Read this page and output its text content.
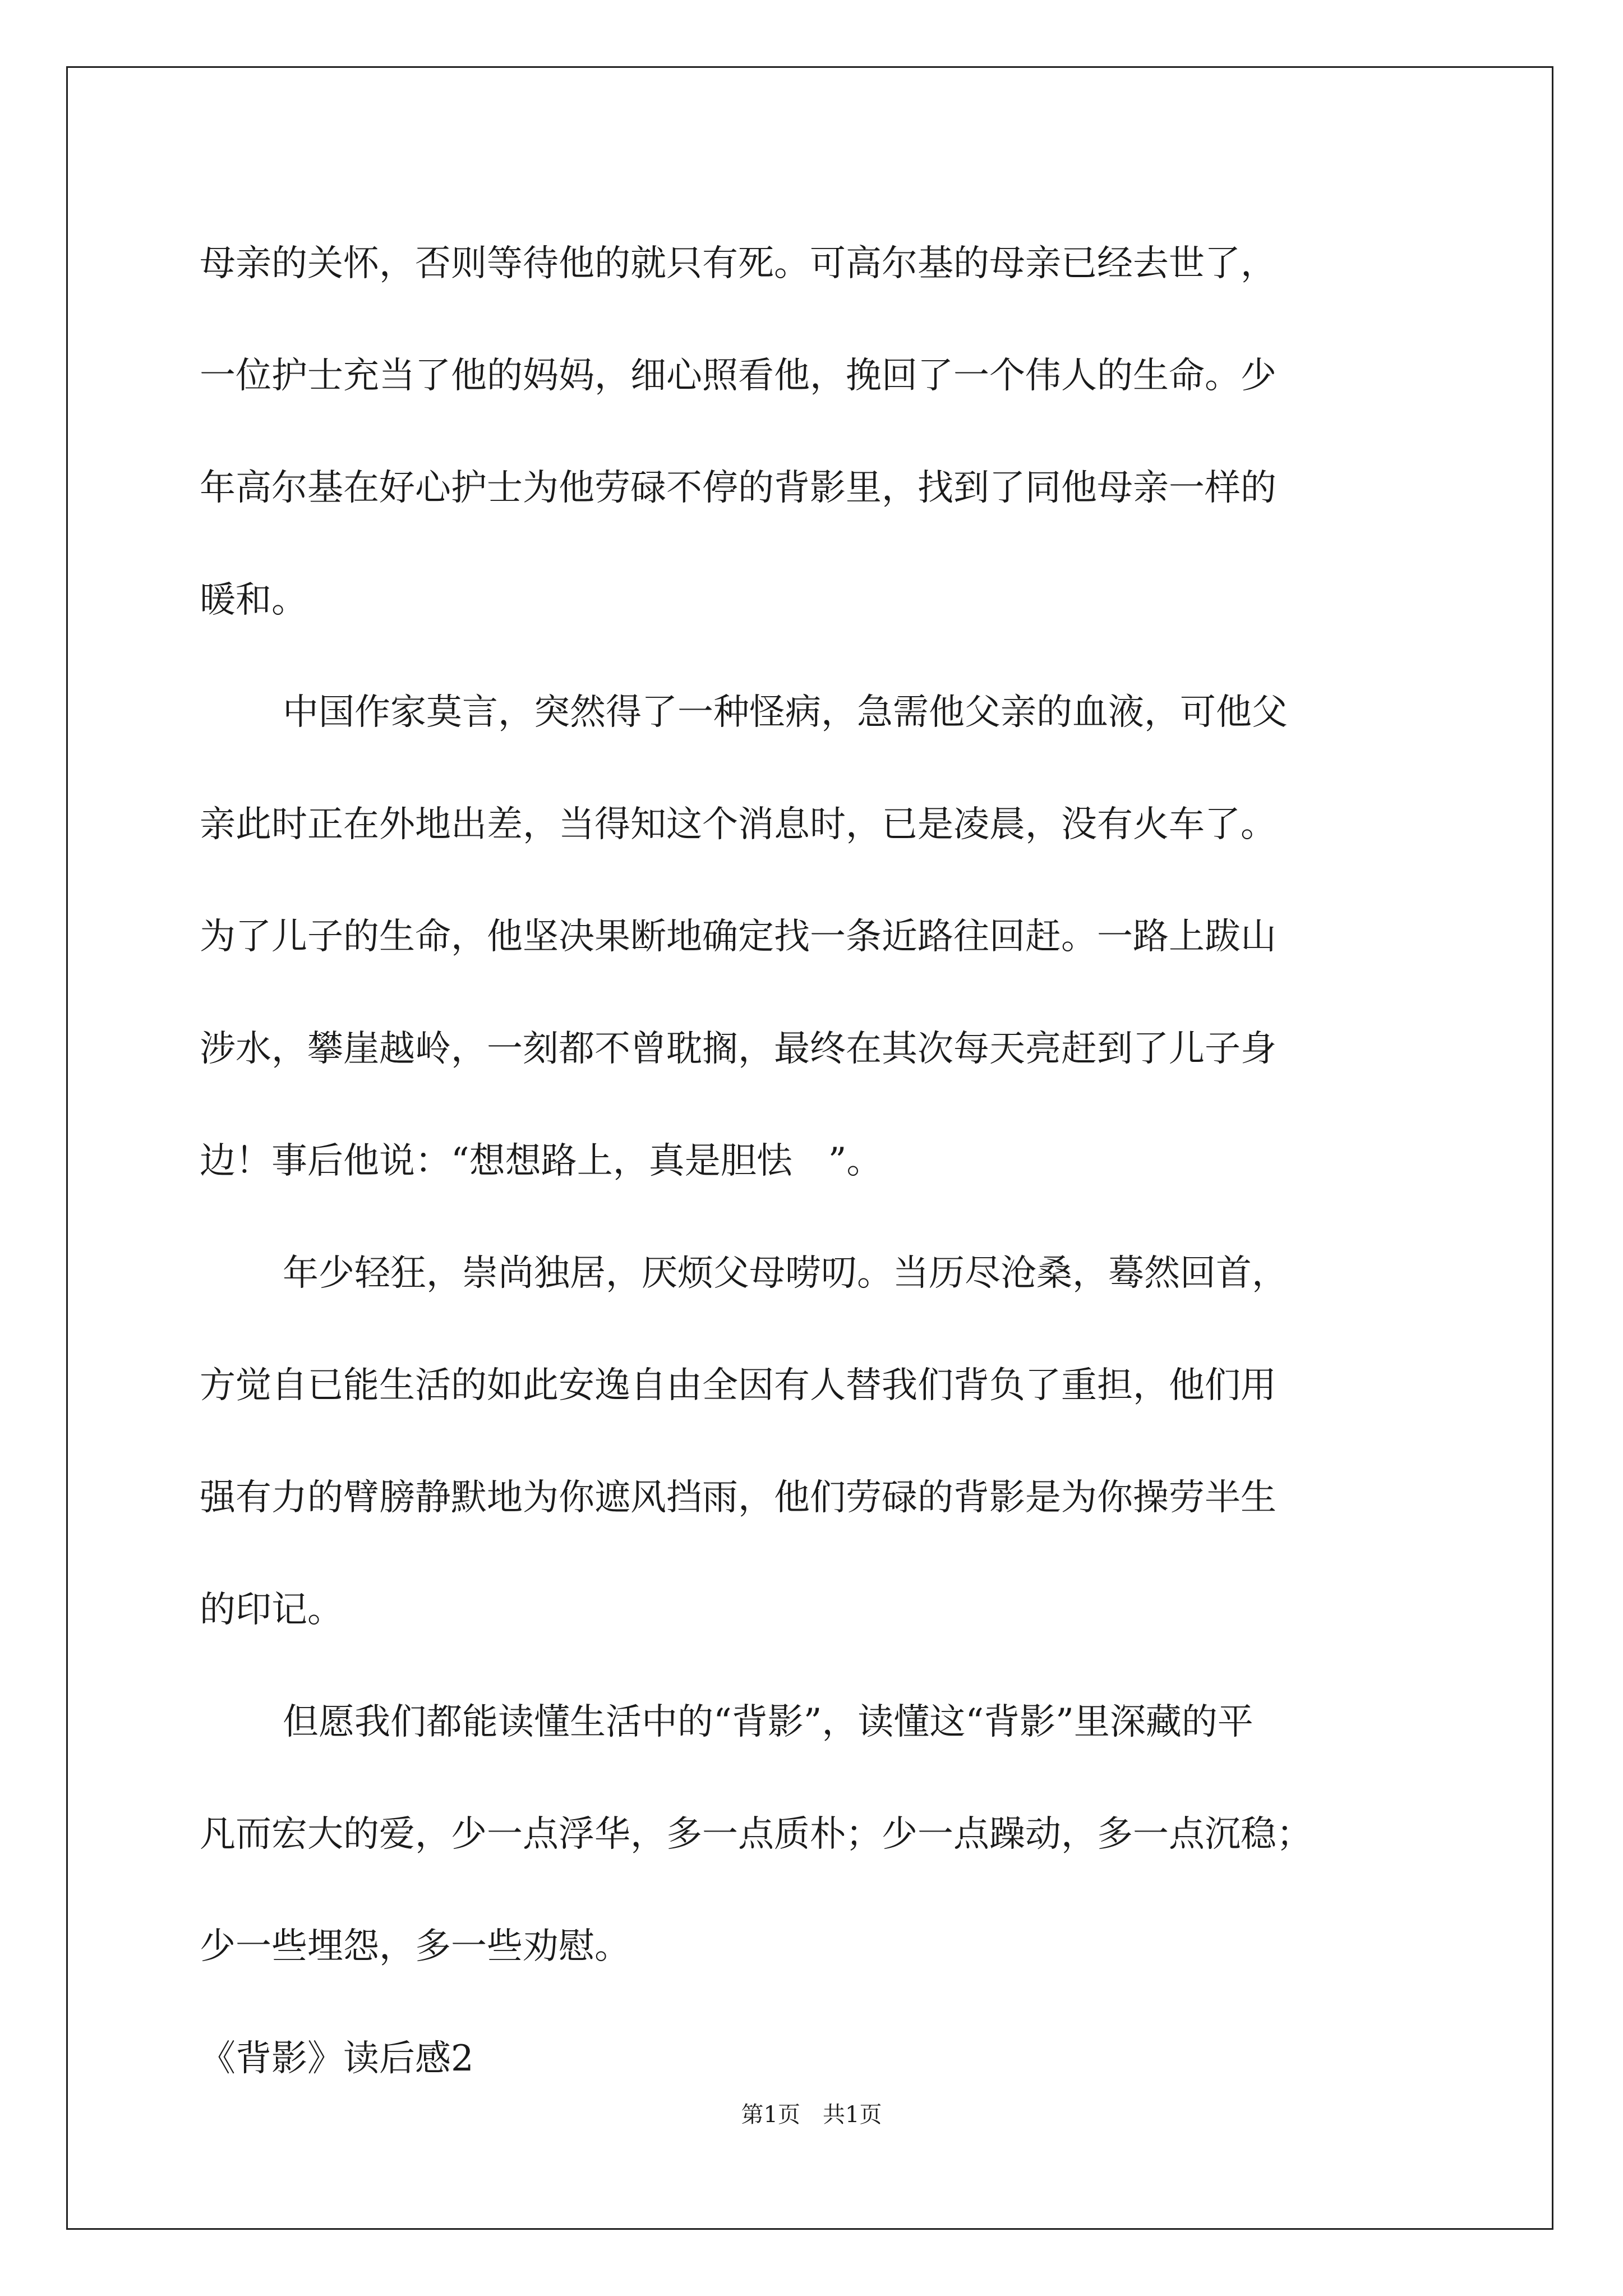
母亲的关怀，否则等待他的就只有死。可高尔基的母亲已经去世了，
一位护士充当了他的妈妈，细心照看他，挽回了一个伟人的生命。少
年高尔基在好心护士为他劳碌不停的背影里，找到了同他母亲一样的
暖和。
中国作家莫言，突然得了一种怪病，急需他父亲的血液，可他父
亲此时正在外地出差，当得知这个消息时，已是凌晨，没有火车了。
为了儿子的生命，他坚决果断地确定找一条近路往回赶。一路上跋山
涉水，攀崖越岭，一刻都不曾耽搁，最终在其次每天亮赶到了儿子身
边！事后他说：“想想路上，真是胆怯　”。
年少轻狂，崇尚独居，厌烦父母唠叨。当历尽沧桑，蓦然回首，
方觉自已能生活的如此安逸自由全因有人替我们背负了重担，他们用
强有力的臂膀静默地为你遮风挡雨，他们劳碌的背影是为你操劳半生
的印记。
但愿我们都能读懂生活中的“背影”，读懂这“背影”里深藏的平
凡而宏大的爱，少一点浮华，多一点质朴；少一点躁动，多一点沉稳；
少一些埋怨，多一些劝慰。
《背影》读后感2
第1页　共1页
